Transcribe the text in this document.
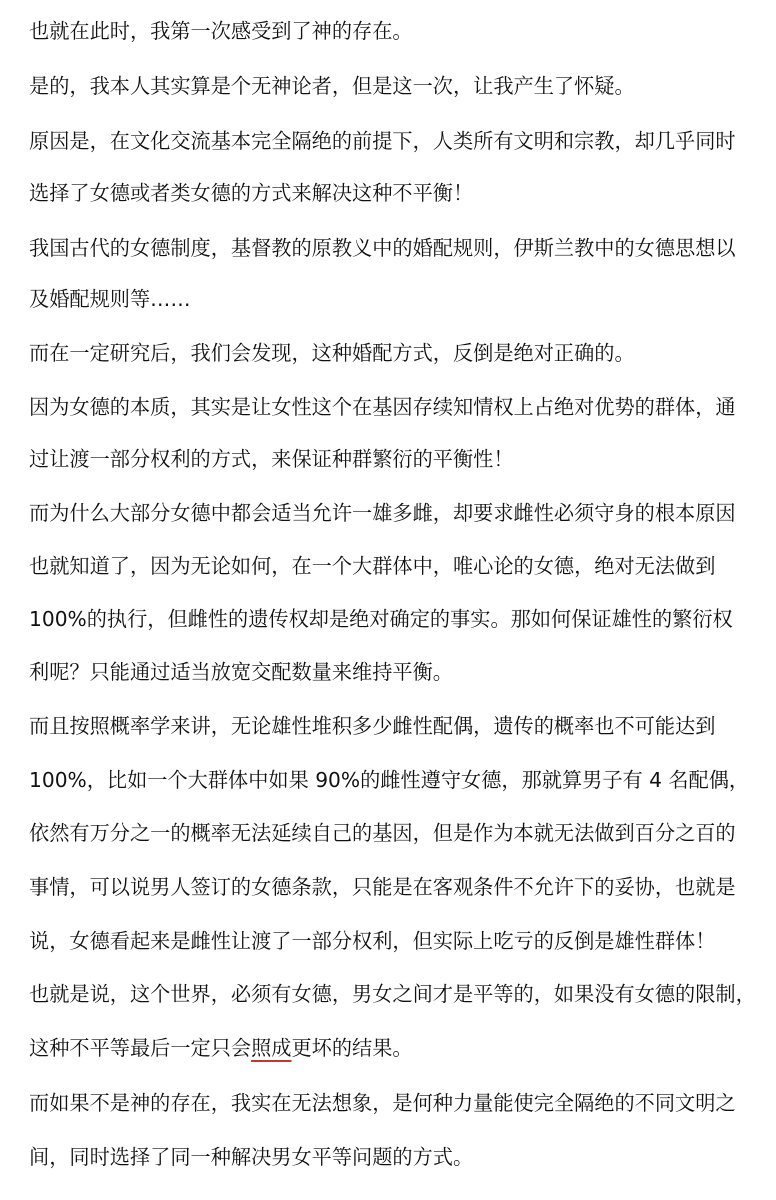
也就在此时，我第一次感受到了神的存在。
是的，我本人其实算是个无神论者，但是这一次，让我产生了怀疑。
原因是，在文化交流基本完全隔绝的前提下，人类所有文明和宗教，却几乎同时
选择了女德或者类女德的方式来解决这种不平衡！
我国古代的女德制度，基督教的原教义中的婚配规则，伊斯兰教中的女德思想以
及婚配规则等……
而在一定研究后，我们会发现，这种婚配方式，反倒是绝对正确的。
因为女德的本质，其实是让女性这个在基因存续知情权上占绝对优势的群体，通
过让渡一部分权利的方式，来保证种群繁衍的平衡性！
而为什么大部分女德中都会适当允许一雄多雌，却要求雌性必须守身的根本原因
也就知道了，因为无论如何，在一个大群体中，唯心论的女德，绝对无法做到
100%的执行，但雌性的遗传权却是绝对确定的事实。那如何保证雄性的繁衍权
利呢？只能通过适当放宽交配数量来维持平衡。
而且按照概率学来讲，无论雄性堆积多少雌性配偶，遗传的概率也不可能达到
100%，比如一个大群体中如果 90%的雌性遵守女德，那就算男子有 4 名配偶，
依然有万分之一的概率无法延续自己的基因，但是作为本就无法做到百分之百的
事情，可以说男人签订的女德条款，只能是在客观条件不允许下的妥协，也就是
说，女德看起来是雌性让渡了一部分权利，但实际上吃亏的反倒是雄性群体！
也就是说，这个世界，必须有女德，男女之间才是平等的，如果没有女德的限制，
这种不平等最后一定只会照成更坏的结果。
而如果不是神的存在，我实在无法想象，是何种力量能使完全隔绝的不同文明之
间，同时选择了同一种解决男女平等问题的方式。
